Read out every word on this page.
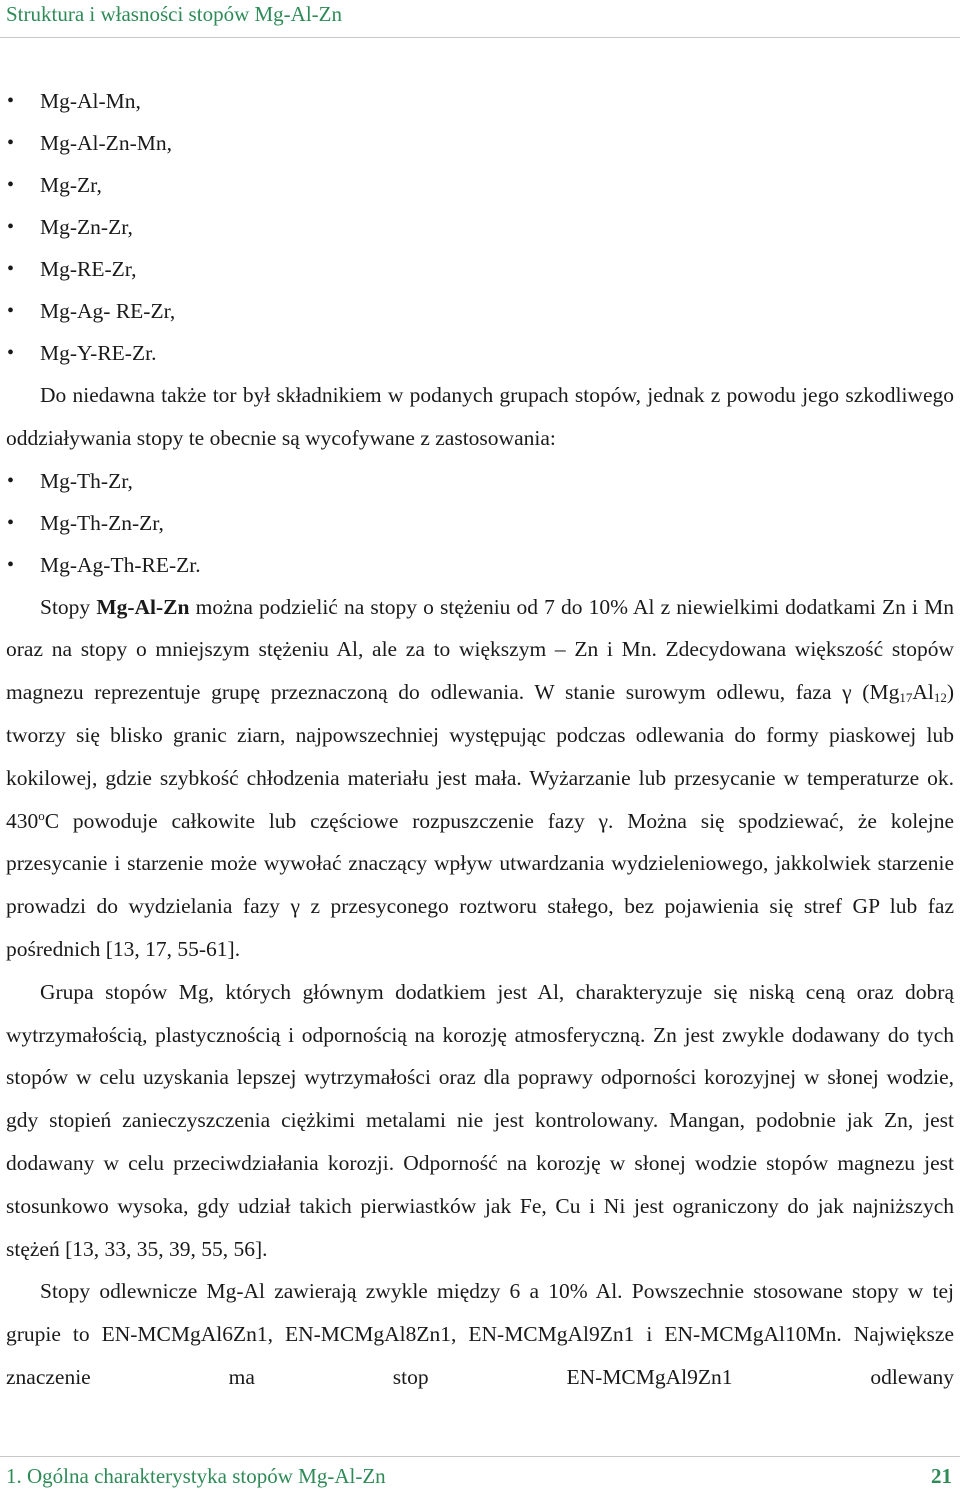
Struktura i własności stopów Mg-Al-Zn
• Mg-Al-Mn,
• Mg-Al-Zn-Mn,
• Mg-Zr,
• Mg-Zn-Zr,
• Mg-RE-Zr,
• Mg-Ag- RE-Zr,
• Mg-Y-RE-Zr.

Do niedawna także tor był składnikiem w podanych grupach stopów, jednak z powodu jego szkodliwego oddziaływania stopy te obecnie są wycofywane z zastosowania:

• Mg-Th-Zr,
• Mg-Th-Zn-Zr,
• Mg-Ag-Th-RE-Zr.

Stopy Mg-Al-Zn można podzielić na stopy o stężeniu od 7 do 10% Al z niewielkimi dodatkami Zn i Mn oraz na stopy o mniejszym stężeniu Al, ale za to większym – Zn i Mn. Zdecydowana większość stopów magnezu reprezentuje grupę przeznaczoną do odlewania. W stanie surowym odlewu, faza γ $(Mg_{17}Al_{12})$ tworzy się blisko granic ziarn, najpowszechniej występując podczas odlewania do formy piaskowej lub kokilowej, gdzie szybkość chłodzenia materiału jest mała. Wyżarzanie lub przesycanie w temperaturze ok. 430$^o$C powoduje całkowite lub częściowe rozpuszczenie fazy γ. Można się spodziewać, że kolejne przesycanie i starzenie może wywołać znaczący wpływ utwardzania wydzieleniowego, jakkolwiek starzenie prowadzi do wydzielania fazy γ z przesyconego roztworu stałego, bez pojawienia się stref GP lub faz pośrednich [13, 17, 55-61].

Grupa stopów Mg, których głównym dodatkiem jest Al, charakteryzuje się niską ceną oraz dobrą wytrzymałością, plastycznością i odpornością na korozję atmosferyczną. Zn jest zwykle dodawany do tych stopów w celu uzyskania lepszej wytrzymałości oraz dla poprawy odporności korozyjnej w słonej wodzie, gdy stopień zanieczyszczenia ciężkimi metalami nie jest kontrolowany. Mangan, podobnie jak Zn, jest dodawany w celu przeciwdziałania korozji. Odporność na korozję w słonej wodzie stopów magnezu jest stosunkowo wysoka, gdy udział takich pierwiastków jak Fe, Cu i Ni jest ograniczony do jak najniższych stężeń [13, 33, 35, 39, 55, 56].

Stopy odlewnicze Mg-Al zawierają zwykle między 6 a 10% Al. Powszechnie stosowane stopy w tej grupie to EN-MCMgAl6Zn1, EN-MCMgAl8Zn1, EN-MCMgAl9Zn1 i EN-MCMgAl10Mn. Największe znaczenie ma stop EN-MCMgAl9Zn1 odlewany

1. Ogólna charakterystyka stopów Mg-Al-Zn	21
